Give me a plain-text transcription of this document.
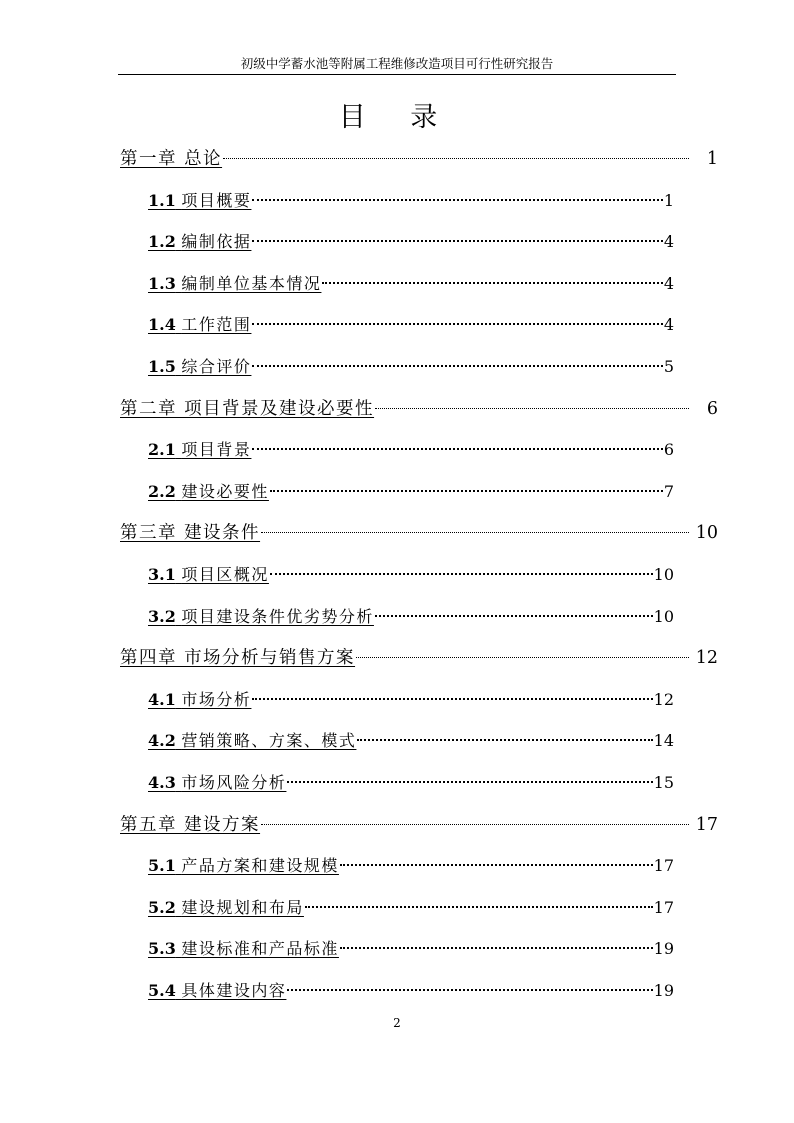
初级中学蓄水池等附属工程维修改造项目可行性研究报告
目 录
第一章 总论	1
1.1 项目概要	1
1.2 编制依据	4
1.3 编制单位基本情况	4
1.4 工作范围	4
1.5 综合评价	5
第二章 项目背景及建设必要性	6
2.1 项目背景	6
2.2 建设必要性	7
第三章 建设条件	10
3.1 项目区概况	10
3.2 项目建设条件优劣势分析	10
第四章 市场分析与销售方案	12
4.1 市场分析	12
4.2 营销策略、方案、模式	14
4.3 市场风险分析	15
第五章 建设方案	17
5.1 产品方案和建设规模	17
5.2 建设规划和布局	17
5.3 建设标准和产品标准	19
5.4 具体建设内容	19
2
